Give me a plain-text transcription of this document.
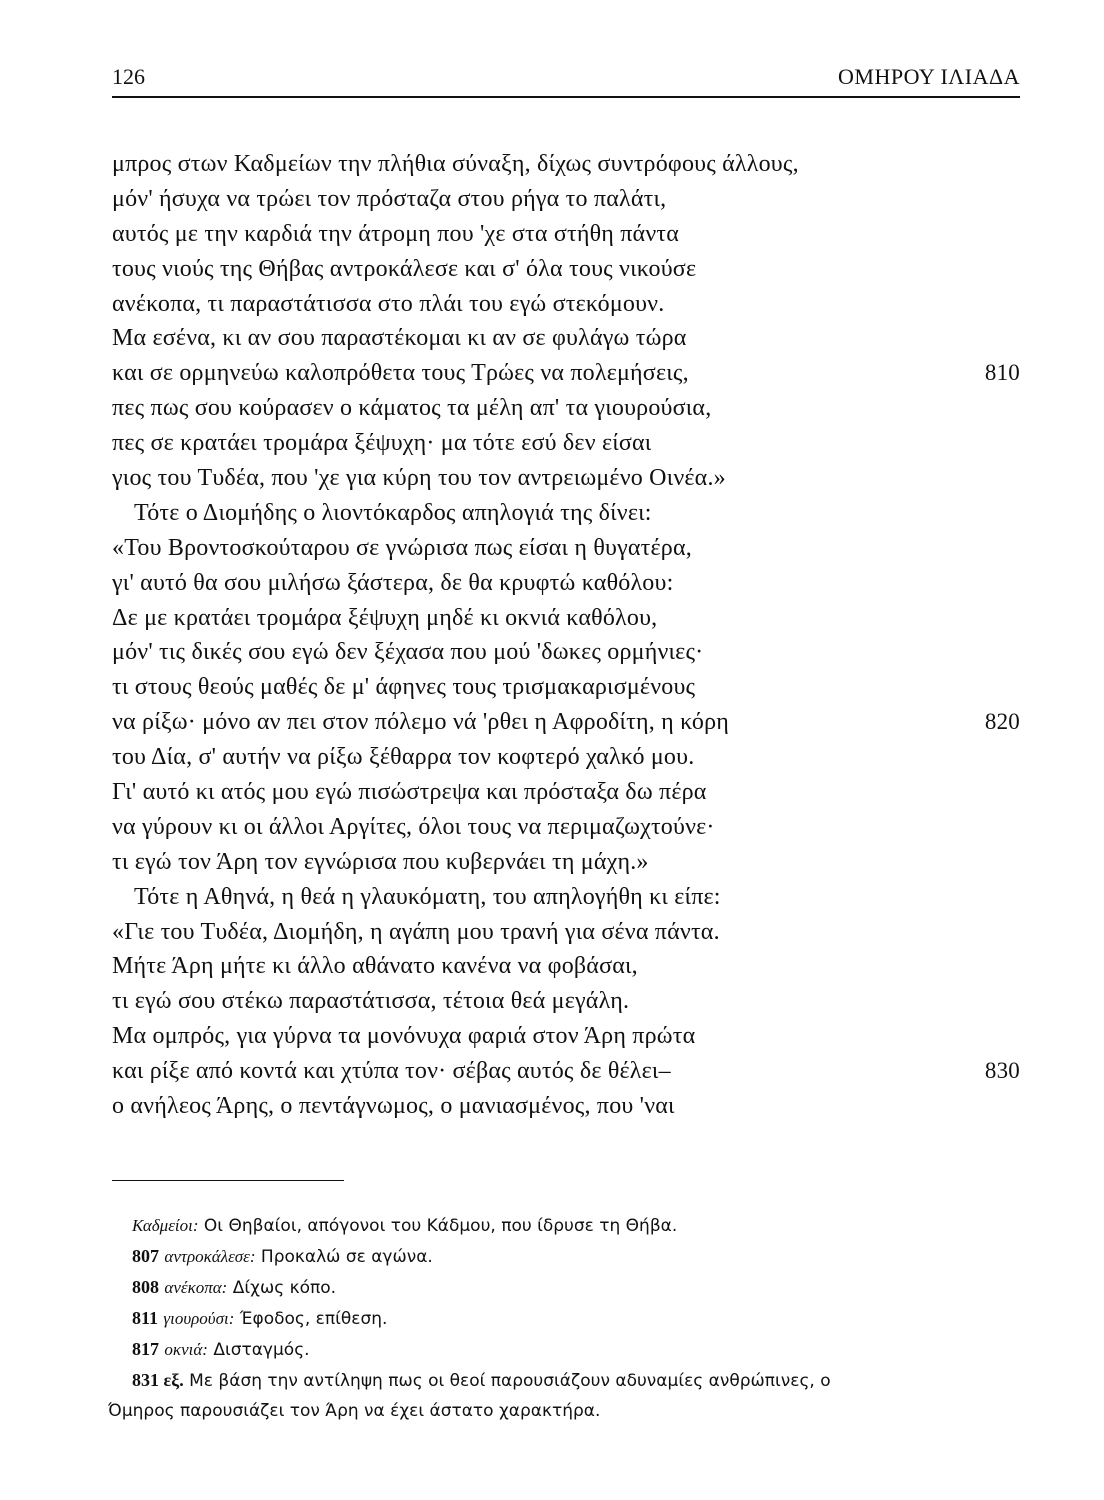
126	ΟΜΗΡΟΥ ΙΛΙΑΔΑ
μπρος στων Καδμείων την πλήθια σύναξη, δίχως συντρόφους άλλους,
μόν' ήσυχα να τρώει τον πρόσταζα στου ρήγα το παλάτι,
αυτός με την καρδιά την άτρομη που 'χε στα στήθη πάντα
τους νιούς της Θήβας αντροκάλεσε και σ' όλα τους νικούσε
ανέκοπα, τι παραστάτισσα στο πλάι του εγώ στεκόμουν.
Μα εσένα, κι αν σου παραστέκομαι κι αν σε φυλάγω τώρα
και σε ορμηνεύω καλοπρόθετα τους Τρώες να πολεμήσεις,	810
πες πως σου κούρασεν ο κάματος τα μέλη απ' τα γιουρούσια,
πες σε κρατάει τρομάρα ξέψυχη· μα τότε εσύ δεν είσαι
γιος του Τυδέα, που 'χε για κύρη του τον αντρειωμένο Οινέα.»
Τότε ο Διομήδης ο λιοντόκαρδος απηλογιά της δίνει:
«Του Βροντοσκούταρου σε γνώρισα πως είσαι η θυγατέρα,
γι' αυτό θα σου μιλήσω ξάστερα, δε θα κρυφτώ καθόλου:
Δε με κρατάει τρομάρα ξέψυχη μηδέ κι οκνιά καθόλου,
μόν' τις δικές σου εγώ δεν ξέχασα που μού 'δωκες ορμήνιες·
τι στους θεούς μαθές δε μ' άφηνες τους τρισμακαρισμένους
να ρίξω· μόνο αν πει στον πόλεμο νά 'ρθει η Αφροδίτη, η κόρη	820
του Δία, σ' αυτήν να ρίξω ξέθαρρα τον κοφτερό χαλκό μου.
Γι' αυτό κι ατός μου εγώ πισώστρεψα και πρόσταξα δω πέρα
να γύρουν κι οι άλλοι Αργίτες, όλοι τους να περιμαζωχτούνε·
τι εγώ τον Άρη τον εγνώρισα που κυβερνάει τη μάχη.»
Τότε η Αθηνά, η θεά η γλαυκόματη, του απηλογήθη κι είπε:
«Γιε του Τυδέα, Διομήδη, η αγάπη μου τρανή για σένα πάντα.
Μήτε Άρη μήτε κι άλλο αθάνατο κανένα να φοβάσαι,
τι εγώ σου στέκω παραστάτισσα, τέτοια θεά μεγάλη.
Μα ομπρός, για γύρνα τα μονόνυχα φαριά στον Άρη πρώτα
και ρίξε από κοντά και χτύπα τον· σέβας αυτός δε θέλει–	830
ο ανήλεος Άρης, ο πεντάγνωμος, ο μανιασμένος, που 'ναι
Καδμείοι: Οι Θηβαίοι, απόγονοι του Κάδμου, που ίδρυσε τη Θήβα.
807 αντροκάλεσε: Προκαλώ σε αγώνα.
808 ανέκοπα: Δίχως κόπο.
811 γιουρούσι: Έφοδος, επίθεση.
817 οκνιά: Δισταγμός.
831 εξ. Με βάση την αντίληψη πως οι θεοί παρουσιάζουν αδυναμίες ανθρώπινες, ο
Όμηρος παρουσιάζει τον Άρη να έχει άστατο χαρακτήρα.
